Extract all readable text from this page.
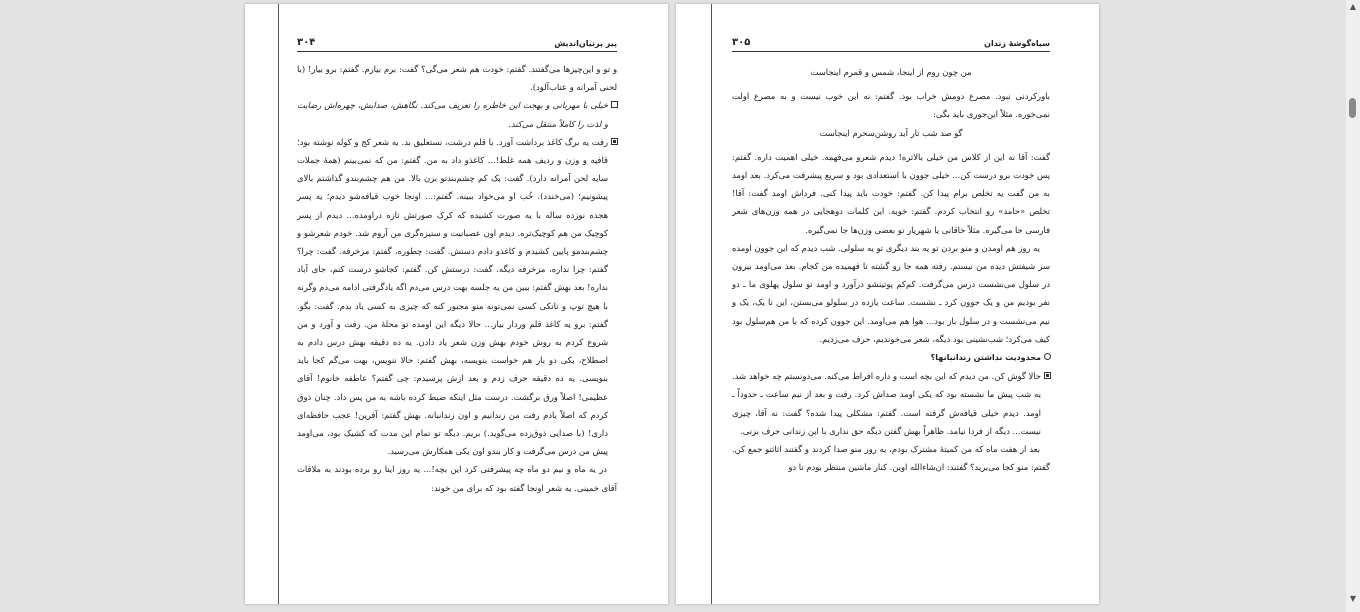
پیر پرنیان‌اندیش
۳۰۴

و تو و این‌چیزها می‌گفتند. گفتم: خودت هم شعر می‌گی؟ گفت: برم بیارم. گفتم: برو بیار! (با لحنی آمرانه و عتاب‌آلود).

خیلی با مهربانی و بهجت این خاطره را تعریف می‌کند. نگاهش، صدایش، چهره‌اش رضایت و لذت را کاملاً منتقل می‌کند.
رفت یه برگ کاغذ برداشت آورد. با قلم درشت، نستعلیق بد. یه شعر کج و کوله نوشته بود؛ قافیه و وزن و ردیف همه غلط!... کاغذو داد به من. گفتم: من که نمی‌بینم (همهٔ جملات سایه لحن آمرانه دارد). گفت: یک کم چشم‌بندتو بزن بالا. من هم چشم‌بندو گذاشتم بالای پیشونیم؛ (می‌خندد). خُب او می‌خواد ببینه. گفتم:... اونجا خوب قیافه‌شو دیدم؛ یه پسر هجده نوزده ساله با یه صورت کشیده که کرک صورتش تازه دراومده... دیدم از پسر کوچیک من هم کوچیک‌تره. دیدم اون عصبانیت و ستیزه‌گری من آروم شد. خودم شعرشو و چشم‌بندمو پایین کشیدم و کاغذو دادم دستش. گفت: چطوره، گفتم: مزخرفه. گفت: چرا؟ گفتم: چرا نداره، مزخرفه دیگه. گفت: درستش کن. گفتم: کجاشو درست کنم، جای آباد نداره! بعد بهش گفتم: ببین من یه جلسه بهت درس می‌دم اگه یادگرفتی ادامه می‌دم وگرنه با هیچ توپ و تانکی کسی نمی‌تونه منو مجبور کنه که چیزی به کسی یاد بدم. گفت: بگو. گفتم: برو یه کاغذ قلم وردار بیار... حالا دیگه این اومده تو محلهٔ من. رفت و آورد و من شروع کردم به روش خودم بهش وزن شعر یاد دادن. یه ده دقیقه بهش درس دادم به اصطلاح، یکی دو بار هم خواست بنویسه، بهش گفتم: حالا ننویس، بهت می‌گم کجا باید بنویسی. یه ده دقیقه حرف زدم و بعد ازش پرسیدم: چی گفتم؟ عاطفه خانوم! آقای عظیمی! اصلاً ورق برگشت. درست مثل اینکه ضبط کرده باشه به من پس داد. چنان ذوق کردم که اصلاً یادم رفت من زندانیم و اون زندانبانه. بهش گفتم: آفرین! عجب حافظه‌ای داری! (با صدایی ذوق‌زده می‌گوید.) بریم. دیگه تو تمام این مدت که کشیک بود، می‌اومد پیش من درس می‌گرفت و کار بندو اون یکی همکارش می‌رسید.

در یه ماه و نیم دو ماه چه پیشرفتی کرد این بچه!... یه روز اینا رو برده بودند به ملاقات آقای خمینی. یه شعر اونجا گفته بود که برای من خوند:

سیاه‌گوشهٔ زندان
۳۰۵

من چون روم از اینجا، شمس و قمرم اینجاست

باورکردنی نبود. مصرع دومش خراب بود. گفتم: نه این خوب نیست و به مصرع اولت نمی‌خوره. مثلاً این‌جوری باید بگی:

گو صد شب تار آید روشن‌سحرم اینجاست

گفت: آقا نه این از کلاس من خیلی بالاتره! دیدم شعرو می‌فهمه. خیلی اهمیت داره. گفتم: پس خودت برو درست کن... خیلی جوون با استعدادی بود و سریع پیشرفت می‌کرد. بعد اومد به من گفت یه تخلص برام پیدا کن. گفتم: خودت باید پیدا کنی. فرداش اومد گفت: آقا! تخلص «حامد» رو انتخاب کردم. گفتم: خوبه. این کلمات دوهجایی در همه وزن‌های شعر فارسی جا می‌گیره. مثلاً خاقانی یا شهریار تو بعضی وزن‌ها جا نمی‌گیره.

یه روز هم اومدن و منو بردن تو یه بند دیگری تو یه سلولی. شب دیدم که این جوون اومده سر شیفتش دیده من نیستم. رفته همه جا رو گشته تا فهمیده من کجام. بعد می‌اومد بیرون در سلول می‌نشست درس می‌گرفت. کم‌کم پوتینشو درآورد و اومد تو سلول پهلوی ما ـ دو نفر بودیم من و یک جوون کرد ـ نشست. ساعت یازده در سلولو می‌بستن، این تا یک، یک و نیم می‌نشست و در سلول باز بود... هوا هم می‌اومد. این جوون کرده که با من هم‌سلول بود کیف می‌کرد؛ شب‌نشینی بود دیگه، شعر می‌خوندیم، حرف می‌زدیم.

محدودیت نداشتن زندانبانها؟
حالا گوش کن. من دیدم که این بچه است و داره افراط می‌کنه. می‌دونستم چه خواهد شد. یه شب پیش ما نشسته بود که یکی اومد صداش کرد. رفت و بعد از نیم ساعت ـ حدوداً ـ اومد. دیدم خیلی قیافه‌ش گرفته است. گفتم: مشکلی پیدا شده؟ گفت: نه آقا، چیزی نیست... دیگه از فردا نیامد. ظاهراً بهش گفتن دیگه حق نداری با این زندانی حرف بزنی.

بعد از هفت ماه که من کمیتهٔ مشترک بودم، یه روز منو صدا کردند و گفتند اثاثتو جمع کن. گفتم: منو کجا می‌برید؟ گفتند: ان‌شاءالله اوین. کنار ماشین منتظر بودم تا دو

▲
▼
